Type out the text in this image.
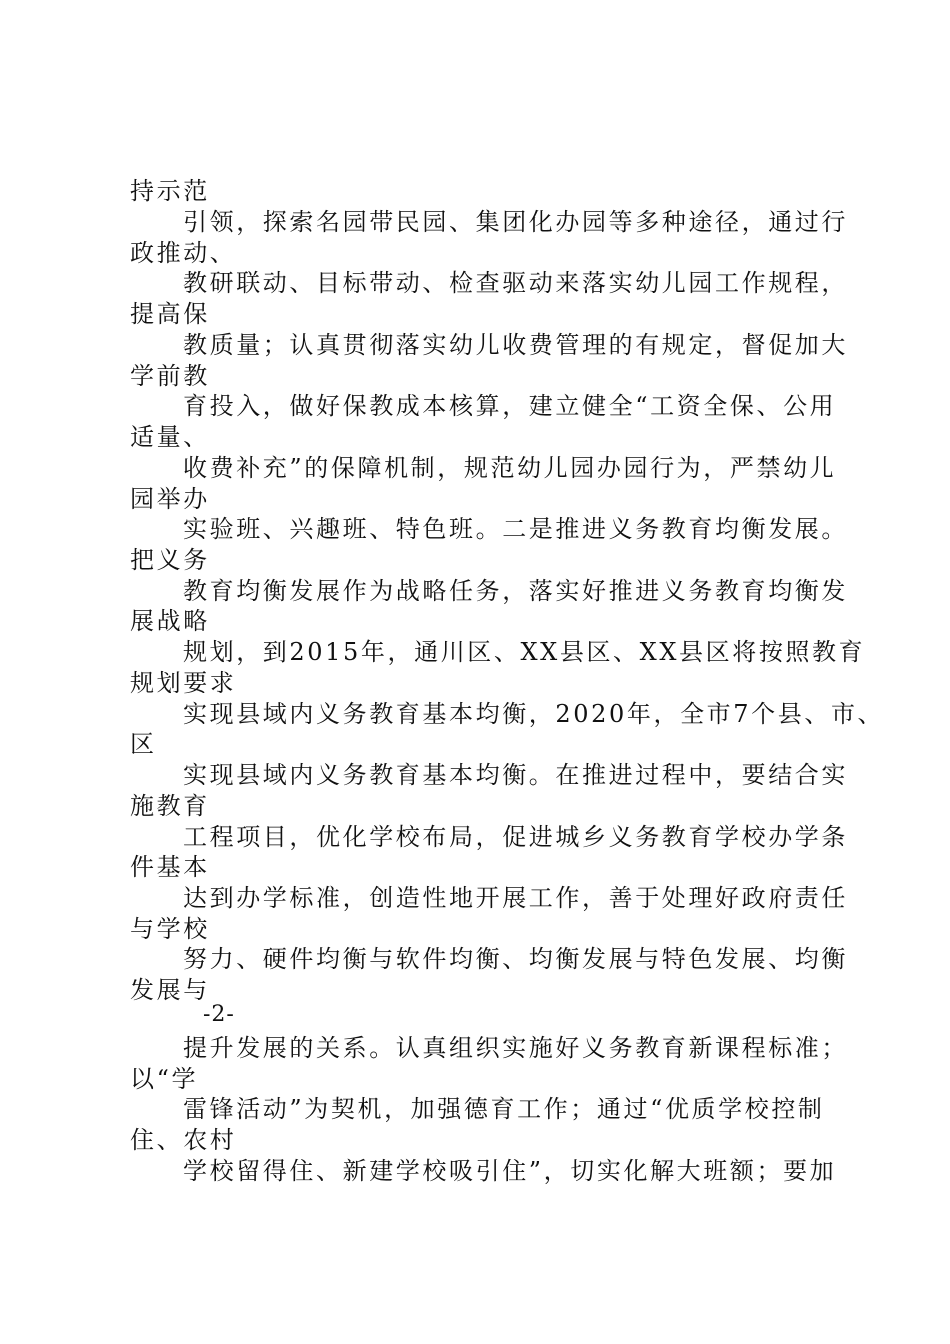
持示范
引领，探索名园带民园、集团化办园等多种途径，通过行
政推动、
教研联动、目标带动、检查驱动来落实幼儿园工作规程，
提高保
教质量；认真贯彻落实幼儿收费管理的有规定，督促加大
学前教
育投入，做好保教成本核算，建立健全“工资全保、公用
适量、
收费补充”的保障机制，规范幼儿园办园行为，严禁幼儿
园举办
实验班、兴趣班、特色班。二是推进义务教育均衡发展。
把义务
教育均衡发展作为战略任务，落实好推进义务教育均衡发
展战略
规划，到2015年，通川区、XX县区、XX县区将按照教育
规划要求
实现县域内义务教育基本均衡，2020年，全市7个县、市、
区
实现县域内义务教育基本均衡。在推进过程中，要结合实
施教育
工程项目，优化学校布局，促进城乡义务教育学校办学条
件基本
达到办学标准，创造性地开展工作，善于处理好政府责任
与学校
努力、硬件均衡与软件均衡、均衡发展与特色发展、均衡
发展与
-2-
提升发展的关系。认真组织实施好义务教育新课程标准；
以“学
雷锋活动”为契机，加强德育工作；通过“优质学校控制
住、农村
学校留得住、新建学校吸引住”，切实化解大班额；要加
